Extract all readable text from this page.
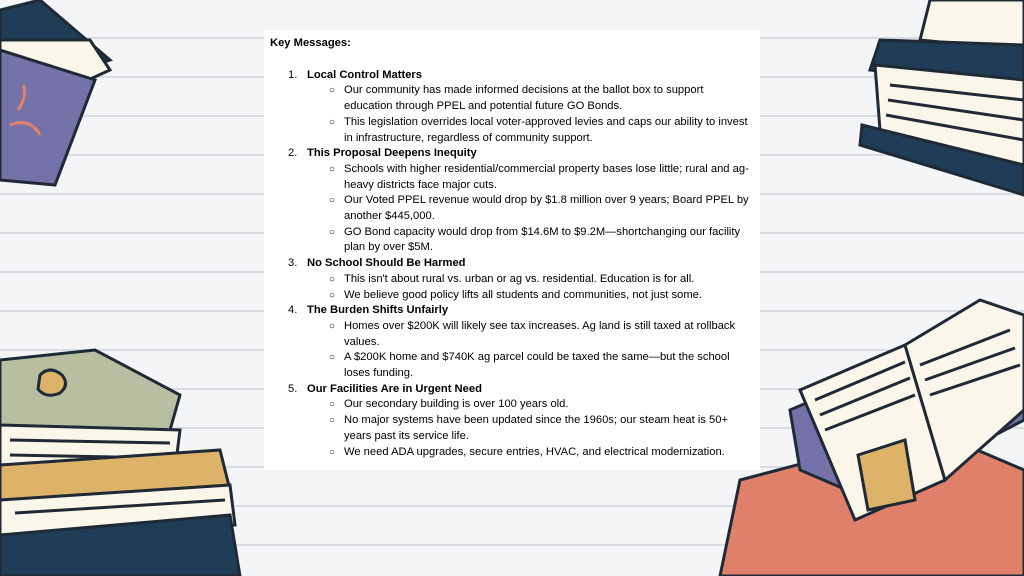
Key Messages:
1. Local Control Matters
○ Our community has made informed decisions at the ballot box to support education through PPEL and potential future GO Bonds.
○ This legislation overrides local voter-approved levies and caps our ability to invest in infrastructure, regardless of community support.
2. This Proposal Deepens Inequity
○ Schools with higher residential/commercial property bases lose little; rural and ag-heavy districts face major cuts.
○ Our Voted PPEL revenue would drop by $1.8 million over 9 years; Board PPEL by another $445,000.
○ GO Bond capacity would drop from $14.6M to $9.2M—shortchanging our facility plan by over $5M.
3. No School Should Be Harmed
○ This isn't about rural vs. urban or ag vs. residential. Education is for all.
○ We believe good policy lifts all students and communities, not just some.
4. The Burden Shifts Unfairly
○ Homes over $200K will likely see tax increases. Ag land is still taxed at rollback values.
○ A $200K home and $740K ag parcel could be taxed the same—but the school loses funding.
5. Our Facilities Are in Urgent Need
○ Our secondary building is over 100 years old.
○ No major systems have been updated since the 1960s; our steam heat is 50+ years past its service life.
○ We need ADA upgrades, secure entries, HVAC, and electrical modernization.
